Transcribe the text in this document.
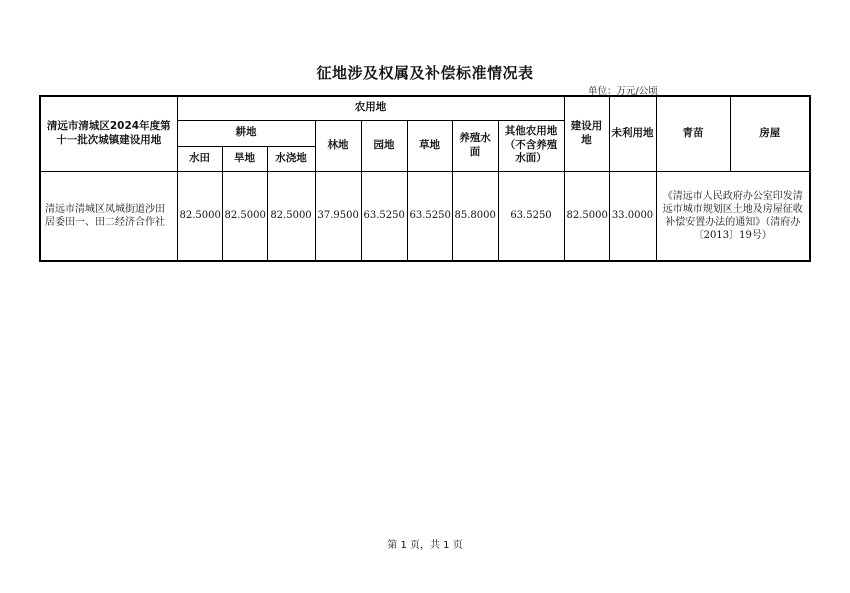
征地涉及权属及补偿标准情况表
单位：万元/公顷
清远市清城区2024年度第十一批次城镇建设用地	农用地								建设用地	未利用地	青苗	房屋
	耕地			林地	园地	草地	养殖水面	其他农用地（不含养殖水面）				
	水田	旱地	水浇地									
清远市清城区凤城街道沙田居委田一、田二经济合作社	82.5000	82.5000	82.5000	37.9500	63.5250	63.5250	85.8000	63.5250	82.5000	33.0000	《清远市人民政府办公室印发清远市城市规划区土地及房屋征收补偿安置办法的通知》（清府办〔2013〕19号）	
第 1 页，共 1 页
